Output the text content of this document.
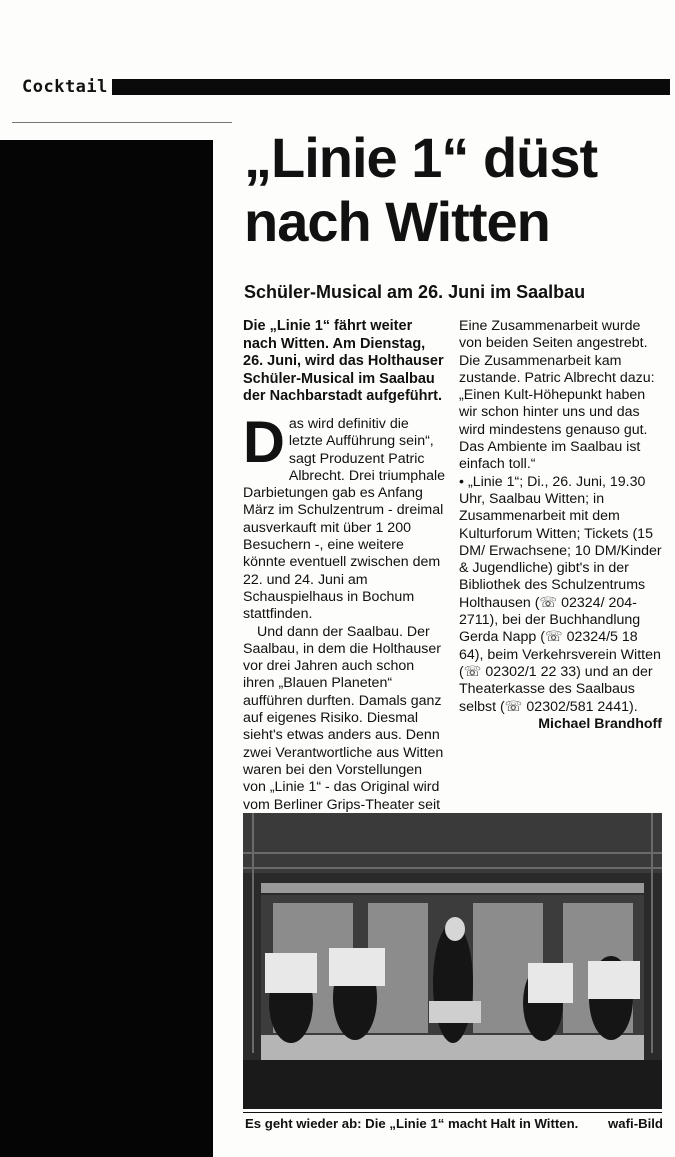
Cocktail
„Linie 1“ düst
nach Witten
Schüler-Musical am 26. Juni im Saalbau

Die „Linie 1“ fährt weiter nach Witten. Am Dienstag, 26. Juni, wird das Holthauser Schüler-Musical im Saalbau der Nachbarstadt aufgeführt.

D as wird definitiv die letzte Aufführung sein“, sagt Produzent Patric Albrecht. Drei triumphale Darbietungen gab es Anfang März im Schulzentrum - dreimal ausverkauft mit über 1 200 Besuchern -, eine weitere könnte eventuell zwischen dem 22. und 24. Juni am Schauspielhaus in Bochum stattfinden.

Und dann der Saalbau. Der Saalbau, in dem die Holthauser vor drei Jahren auch schon ihren „Blauen Planeten“ aufführen durften. Damals ganz auf eigenes Risiko. Diesmal sieht's etwas anders aus. Denn zwei Verantwortliche aus Witten waren bei den Vorstellungen von „Linie 1“ - das Original wird vom Berliner Grips-Theater seit

Eine Zusammenarbeit wurde von beiden Seiten angestrebt. Die Zusammenarbeit kam zustande. Patric Albrecht dazu: „Einen Kult-Höhepunkt haben wir schon hinter uns und das wird mindestens genauso gut. Das Ambiente im Saalbau ist einfach toll.“

• „Linie 1“; Di., 26. Juni, 19.30 Uhr, Saalbau Witten; in Zusammenarbeit mit dem Kulturforum Witten; Tickets (15 DM/ Erwachsene; 10 DM/Kinder & Jugendliche) gibt's in der Bibliothek des Schulzentrums Holthausen (☏ 02324/ 204-2711), bei der Buchhandlung Gerda Napp (☏ 02324/5 18 64), beim Verkehrsverein Witten (☏ 02302/1 22 33) und an der Theaterkasse des Saalbaus selbst (☏ 02302/581 2441).

Michael Brandhoff

Es geht wieder ab: Die „Linie 1“ macht Halt in Witten. wafi-Bild
